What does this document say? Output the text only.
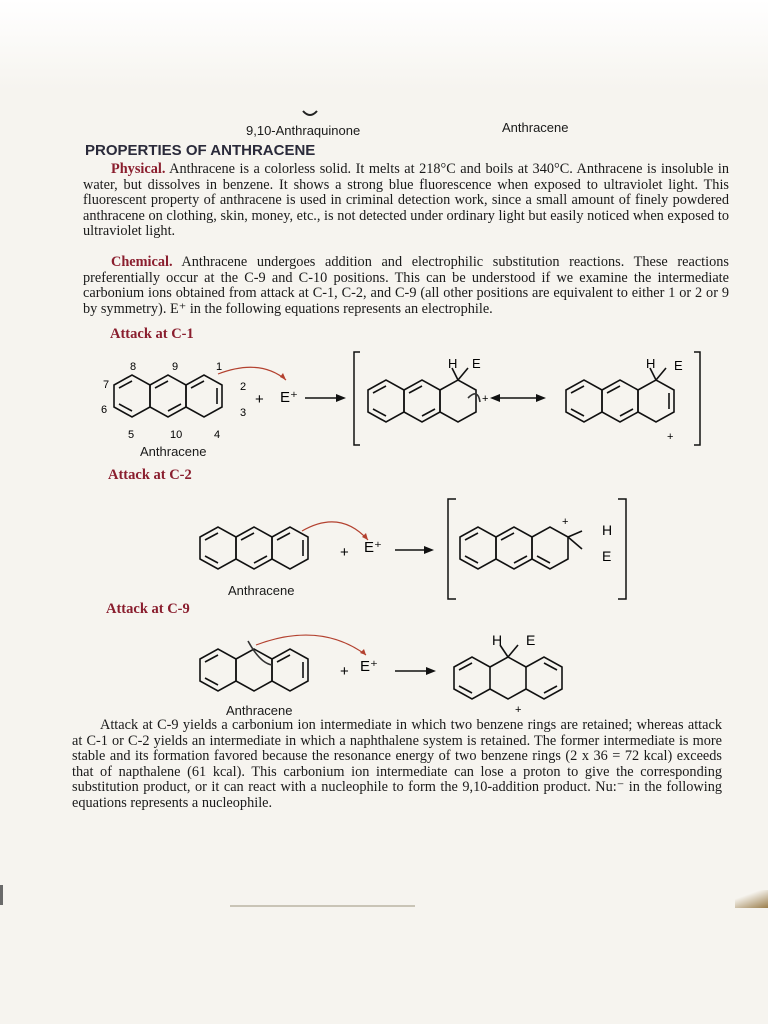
9,10-Anthraquinone	Anthracene
PROPERTIES OF ANTHRACENE

Physical. Anthracene is a colorless solid. It melts at 218°C and boils at 340°C. Anthracene is insoluble in water, but dissolves in benzene. It shows a strong blue fluorescence when exposed to ultraviolet light. This fluorescent property of anthracene is used in criminal detection work, since a small amount of finely powdered anthracene on clothing, skin, money, etc., is not detected under ordinary light but easily noticed when exposed to ultraviolet light.

Chemical. Anthracene undergoes addition and electrophilic substitution reactions. These reactions preferentially occur at the C-9 and C-10 positions. This can be understood if we examine the intermediate carbonium ions obtained from attack at C-1, C-2, and C-9 (all other positions are equivalent to either 1 or 2 or 9 by symmetry). E⁺ in the following equations represents an electrophile.

Attack at C-1
8	9	1
7	2
6	3
5	10	4
+ E⁺
H E
+
H E
+
Anthracene
Attack at C-2
+ E⁺
+ H
E
Anthracene
Attack at C-9
+ E⁺
H E
+
Anthracene

Attack at C-9 yields a carbonium ion intermediate in which two benzene rings are retained; whereas attack at C-1 or C-2 yields an intermediate in which a naphthalene system is retained. The former intermediate is more stable and its formation favored because the resonance energy of two benzene rings (2 x 36 = 72 kcal) exceeds that of napthalene (61 kcal). This carbonium ion intermediate can lose a proton to give the corresponding substitution product, or it can react with a nucleophile to form the 9,10-addition product. Nu:⁻ in the following equations represents a nucleophile.
